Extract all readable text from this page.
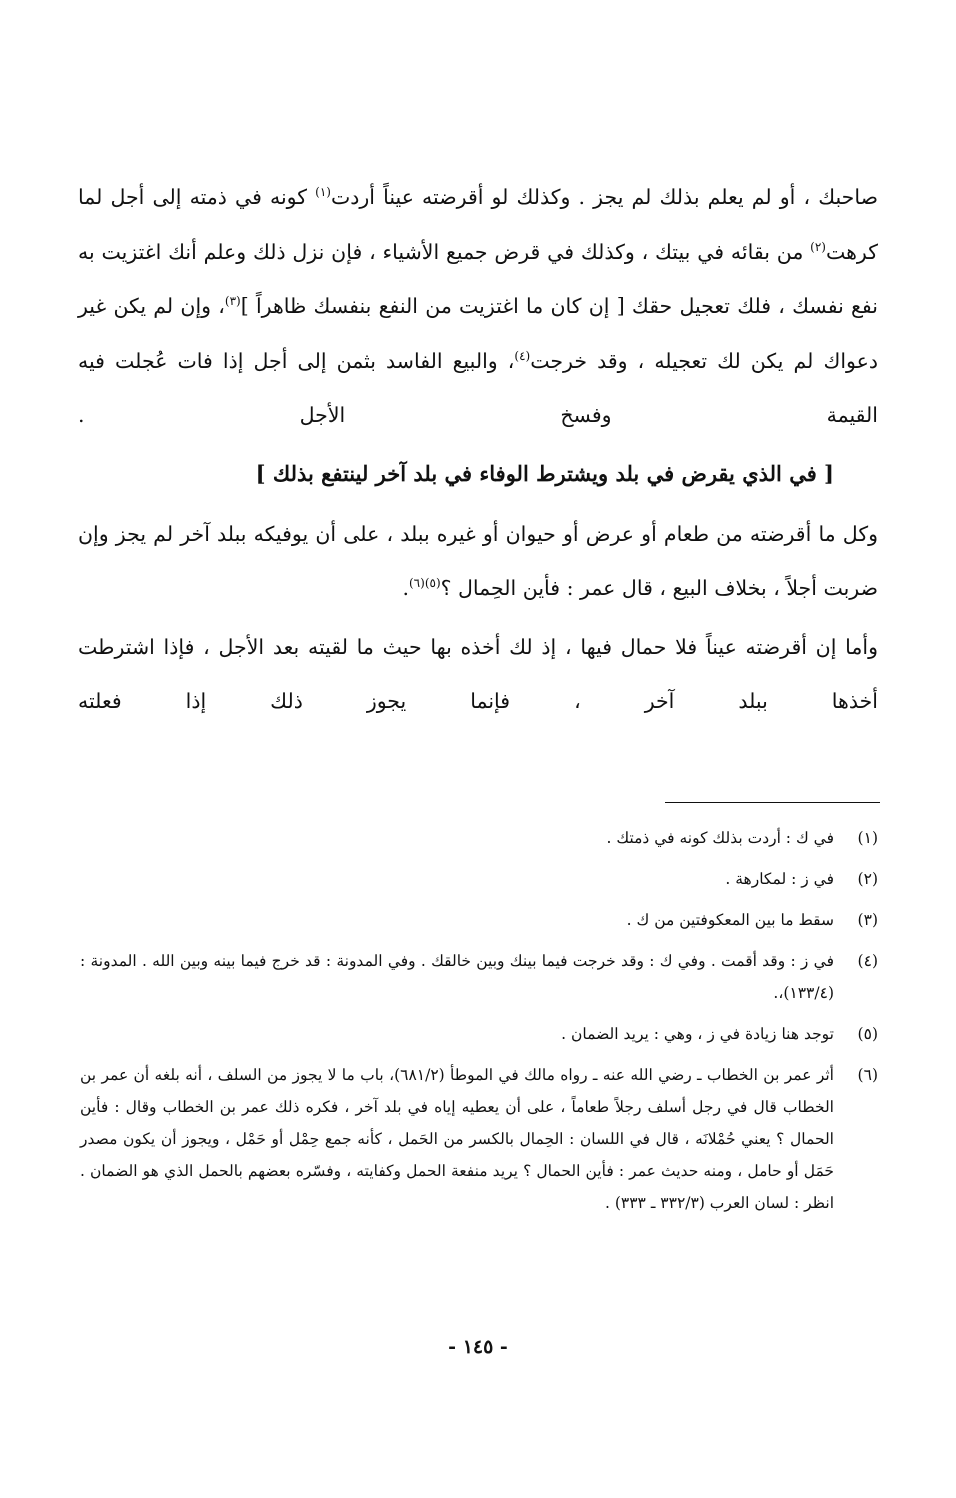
صاحبك ، أو لم يعلم بذلك لم يجز . وكذلك لو أقرضته عيناً أردت$^{(١)}$ كونه في ذمته إلى أجل لما كرهت$^{(٢)}$ من بقائه في بيتك ، وكذلك في قرض جميع الأشياء ، فإن نزل ذلك وعلم أنك اغتزيت به نفع نفسك ، فلك تعجيل حقك [ إن كان ما اغتزيت من النفع بنفسك ظاهراً ]$^{(٣)}$، وإن لم يكن غير دعواك لم يكن لك تعجيله ، وقد خرجت$^{(٤)}$، والبيع الفاسد بثمن إلى أجل إذا فات عُجلت فيه القيمة وفسخ الأجل .

[ في الذي يقرض في بلد ويشترط الوفاء في بلد آخر لينتفع بذلك ]

وكل ما أقرضته من طعام أو عرض أو حيوان أو غيره ببلد ، على أن يوفيكه ببلد آخر لم يجز وإن ضربت أجلاً ، بخلاف البيع ، قال عمر : فأين الحِمال ؟$^{(٥)(٦)}$.

وأما إن أقرضته عيناً فلا حمال فيها ، إذ لك أخذه بها حيث ما لقيته بعد الأجل ، فإذا اشترطت أخذها ببلد آخر ، فإنما يجوز ذلك إذا فعلته

(١)
في ك : أردت بذلك كونه في ذمتك .
(٢)
في ز : لمكارهة .
(٣)
سقط ما بين المعكوفتين من ك .
(٤)
في ز : وقد أقمت . وفي ك : وقد خرجت فيما بينك وبين خالقك . وفي المدونة : قد خرج فيما بينه وبين الله . المدونة : (١٣٣/٤)،.
(٥)
توجد هنا زيادة في ز ، وهي : يريد الضمان .
(٦)
أثر عمر بن الخطاب ـ رضي الله عنه ـ رواه مالك في الموطأ (٦٨١/٢)، باب ما لا يجوز من السلف ، أنه بلغه أن عمر بن الخطاب قال في رجل أسلف رجلاً طعاماً ، على أن يعطيه إياه في بلد آخر ، فكره ذلك عمر بن الخطاب وقال : فأين الحمال ؟ يعني حُمْلانَه ، قال في اللسان : الحِمال بالكسر من الحَمل ، كأنه جمع حِمْل أو حَمْل ، ويجوز أن يكون مصدر حَمَل أو حامل ، ومنه حديث عمر : فأين الحمال ؟ يريد منفعة الحمل وكفايته ، وفسّره بعضهم بالحمل الذي هو الضمان . انظر : لسان العرب (٣٣٢/٣ ـ ٣٣٣) .
- ١٤٥ -
